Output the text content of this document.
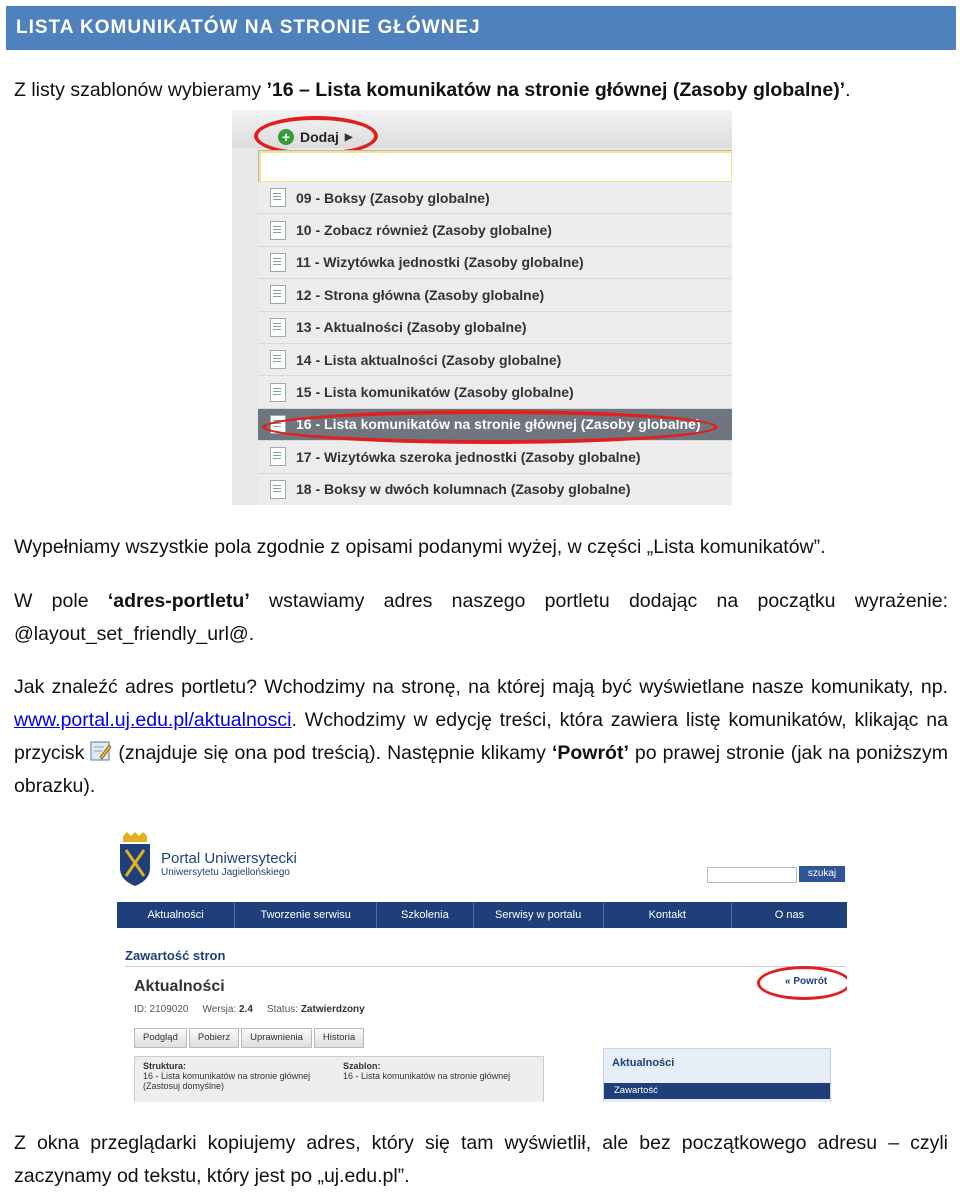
LISTA KOMUNIKATÓW NA STRONIE GŁÓWNEJ
Z listy szablonów wybieramy ’16 – Lista komunikatów na stronie głównej (Zasoby globalne)’.
+ Dodaj ▶
09 - Boksy (Zasoby globalne)
10 - Zobacz również (Zasoby globalne)
11 - Wizytówka jednostki (Zasoby globalne)
12 - Strona główna (Zasoby globalne)
13 - Aktualności (Zasoby globalne)
14 - Lista aktualności (Zasoby globalne)
15 - Lista komunikatów (Zasoby globalne)
16 - Lista komunikatów na stronie głównej (Zasoby globalne)
17 - Wizytówka szeroka jednostki (Zasoby globalne)
18 - Boksy w dwóch kolumnach (Zasoby globalne)
Wypełniamy wszystkie pola zgodnie z opisami podanymi wyżej, w części „Lista komunikatów”.
W pole ‘adres-portletu’ wstawiamy adres naszego portletu dodając na początku wyrażenie: @layout_set_friendly_url@.
Jak znaleźć adres portletu? Wchodzimy na stronę, na której mają być wyświetlane nasze komunikaty, np. www.portal.uj.edu.pl/aktualnosci. Wchodzimy w edycję treści, która zawiera listę komunikatów, klikając na przycisk (znajduje się ona pod treścią). Następnie klikamy ‘Powrót’ po prawej stronie (jak na poniższym obrazku).
Portal Uniwersytecki
Uniwersytetu Jagiellońskiego	szukaj
Aktualności	Tworzenie serwisu	Szkolenia	Serwisy w portalu	Kontakt	O nas
Zawartość stron
Aktualności
ID: 2109020 Wersja: 2.4 Status: Zatwierdzony
« Powrót
Podgląd	Pobierz	Uprawnienia	Historia
Struktura:
16 - Lista komunikatów na stronie głównej
(Zastosuj domyślne)
Szablon:
16 - Lista komunikatów na stronie głównej
Aktualności
Zawartość
Z okna przeglądarki kopiujemy adres, który się tam wyświetlił, ale bez początkowego adresu – czyli zaczynamy od tekstu, który jest po „uj.edu.pl”.
